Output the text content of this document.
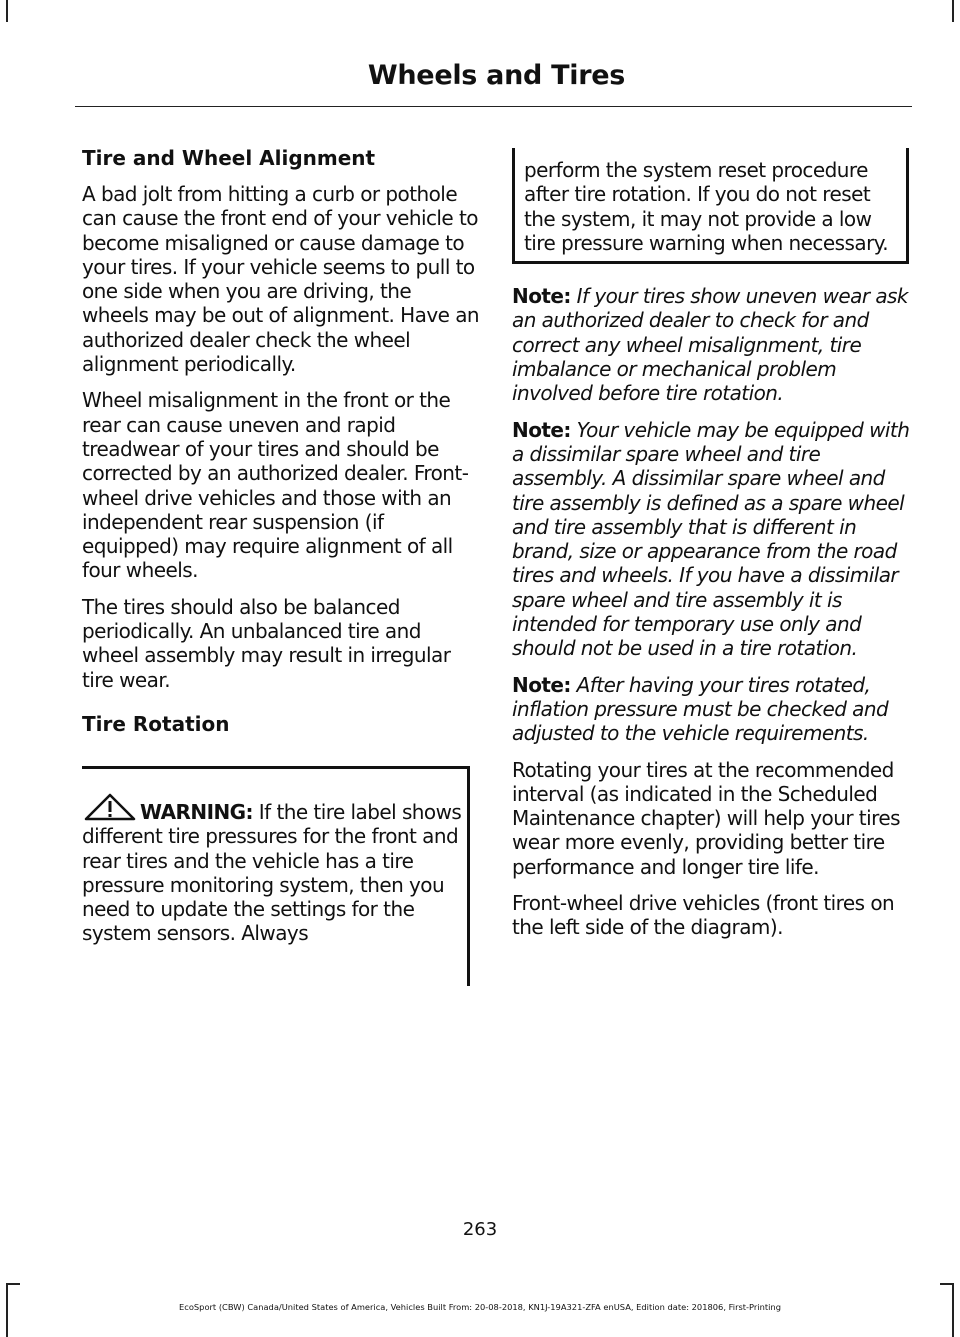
Wheels and Tires
Tire and Wheel Alignment

A bad jolt from hitting a curb or pothole can cause the front end of your vehicle to become misaligned or cause damage to your tires. If your vehicle seems to pull to one side when you are driving, the wheels may be out of alignment. Have an authorized dealer check the wheel alignment periodically.

Wheel misalignment in the front or the rear can cause uneven and rapid treadwear of your tires and should be corrected by an authorized dealer. Front-wheel drive vehicles and those with an independent rear suspension (if equipped) may require alignment of all four wheels.

The tires should also be balanced periodically. An unbalanced tire and wheel assembly may result in irregular tire wear.

Tire Rotation

WARNING: If the tire label shows different tire pressures for the front and rear tires and the vehicle has a tire pressure monitoring system, then you need to update the settings for the system sensors. Always

perform the system reset procedure after tire rotation. If you do not reset the system, it may not provide a low tire pressure warning when necessary.

Note: If your tires show uneven wear ask an authorized dealer to check for and correct any wheel misalignment, tire imbalance or mechanical problem involved before tire rotation.

Note: Your vehicle may be equipped with a dissimilar spare wheel and tire assembly. A dissimilar spare wheel and tire assembly is defined as a spare wheel and tire assembly that is different in brand, size or appearance from the road tires and wheels. If you have a dissimilar spare wheel and tire assembly it is intended for temporary use only and should not be used in a tire rotation.

Note: After having your tires rotated, inflation pressure must be checked and adjusted to the vehicle requirements.

Rotating your tires at the recommended interval (as indicated in the Scheduled Maintenance chapter) will help your tires wear more evenly, providing better tire performance and longer tire life.

Front-wheel drive vehicles (front tires on the left side of the diagram).

263
EcoSport (CBW) Canada/United States of America, Vehicles Built From: 20-08-2018, KN1J-19A321-ZFA enUSA, Edition date: 201806, First-Printing
